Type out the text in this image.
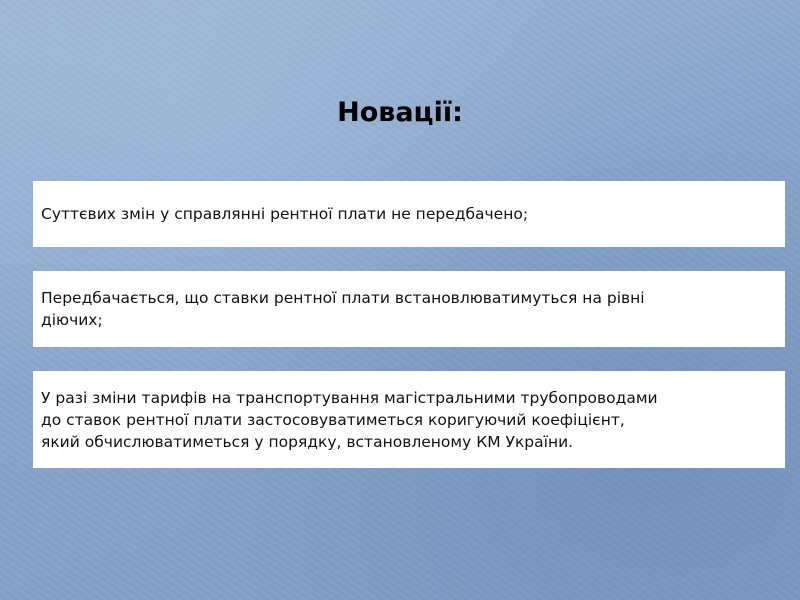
Новації:
Суттєвих змін у справлянні рентної плати не передбачено;
Передбачається, що ставки рентної плати встановлюватимуться на рівні
діючих;
У разі зміни тарифів на транспортування магістральними трубопроводами
до ставок рентної плати застосовуватиметься коригуючий коефіцієнт,
який обчислюватиметься у порядку, встановленому КМ України.
